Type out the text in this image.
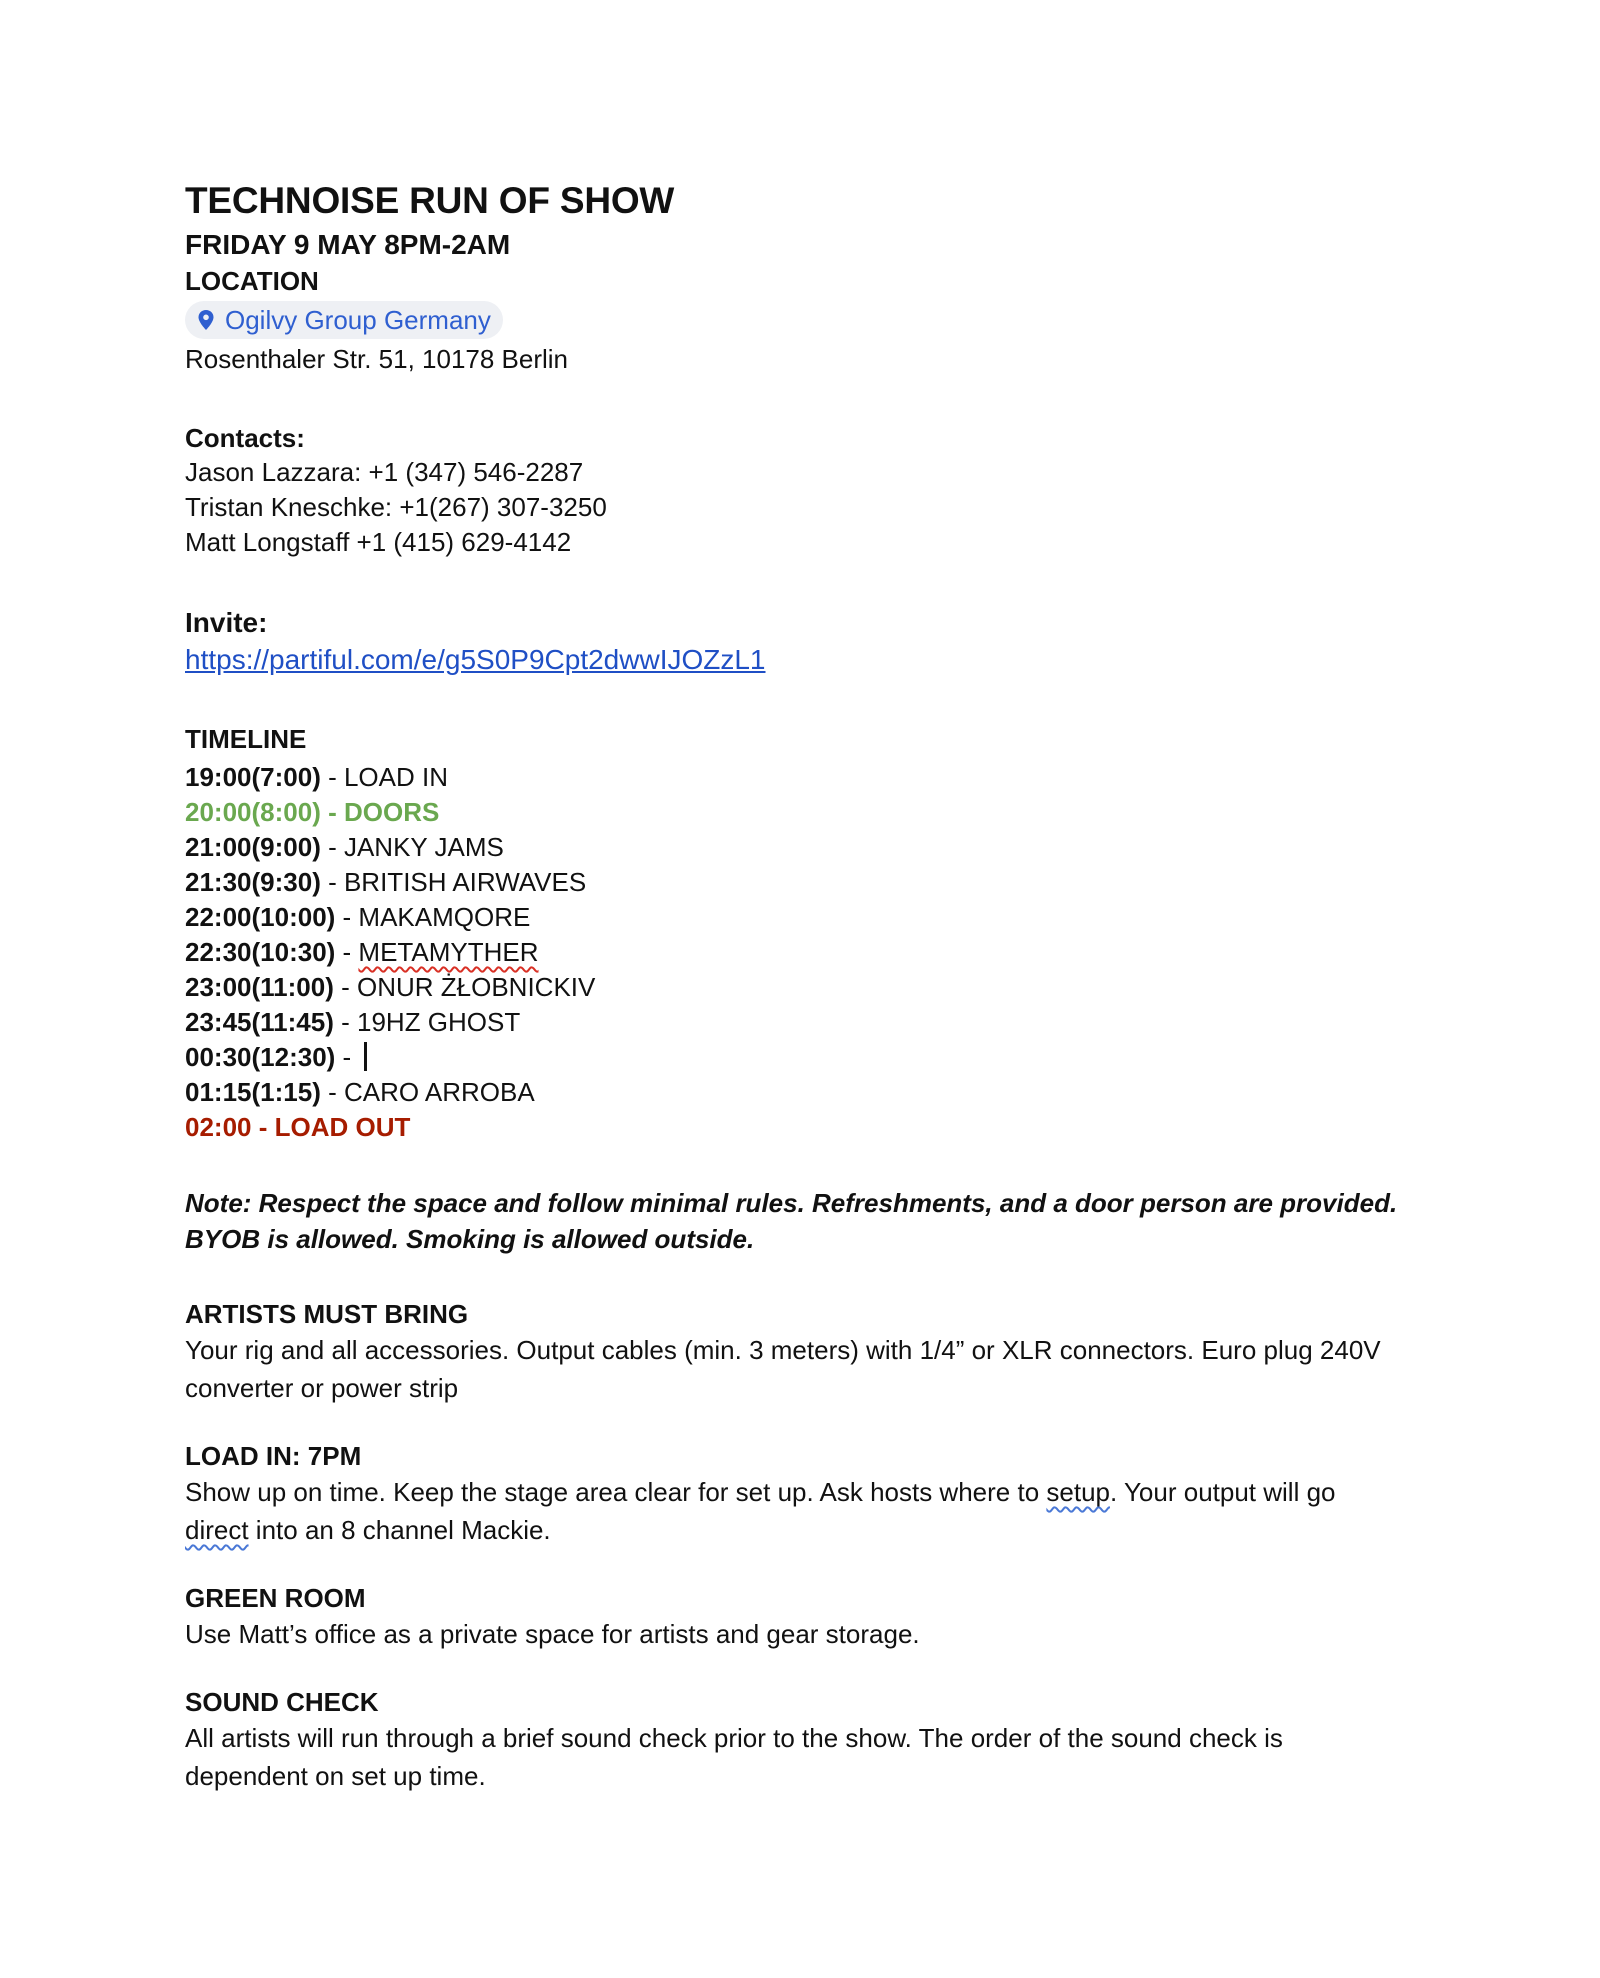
TECHNOISE RUN OF SHOW
FRIDAY 9 MAY 8PM-2AM
LOCATION
Ogilvy Group Germany
Rosenthaler Str. 51, 10178 Berlin
Contacts:
Jason Lazzara: +1 (347) 546-2287
Tristan Kneschke: +1(267) 307-3250
Matt Longstaff +1 (415) 629-4142
Invite:
https://partiful.com/e/g5S0P9Cpt2dwwIJOZzL1
TIMELINE
19:00(7:00) - LOAD IN
20:00(8:00) - DOORS
21:00(9:00) - JANKY JAMS
21:30(9:30) - BRITISH AIRWAVES
22:00(10:00) - MAKAMQORE
22:30(10:30) - METAMYTHER
23:00(11:00) - ONUR ŻŁOBNICKIV
23:45(11:45) - 19HZ GHOST
00:30(12:30) -
01:15(1:15) - CARO ARROBA
02:00 - LOAD OUT
Note: Respect the space and follow minimal rules. Refreshments, and a door person are provided.
BYOB is allowed. Smoking is allowed outside.
ARTISTS MUST BRING
Your rig and all accessories. Output cables (min. 3 meters) with 1/4” or XLR connectors. Euro plug 240V
converter or power strip
LOAD IN: 7PM
Show up on time. Keep the stage area clear for set up. Ask hosts where to setup. Your output will go
direct into an 8 channel Mackie.
GREEN ROOM
Use Matt’s office as a private space for artists and gear storage.
SOUND CHECK
All artists will run through a brief sound check prior to the show. The order of the sound check is
dependent on set up time.
